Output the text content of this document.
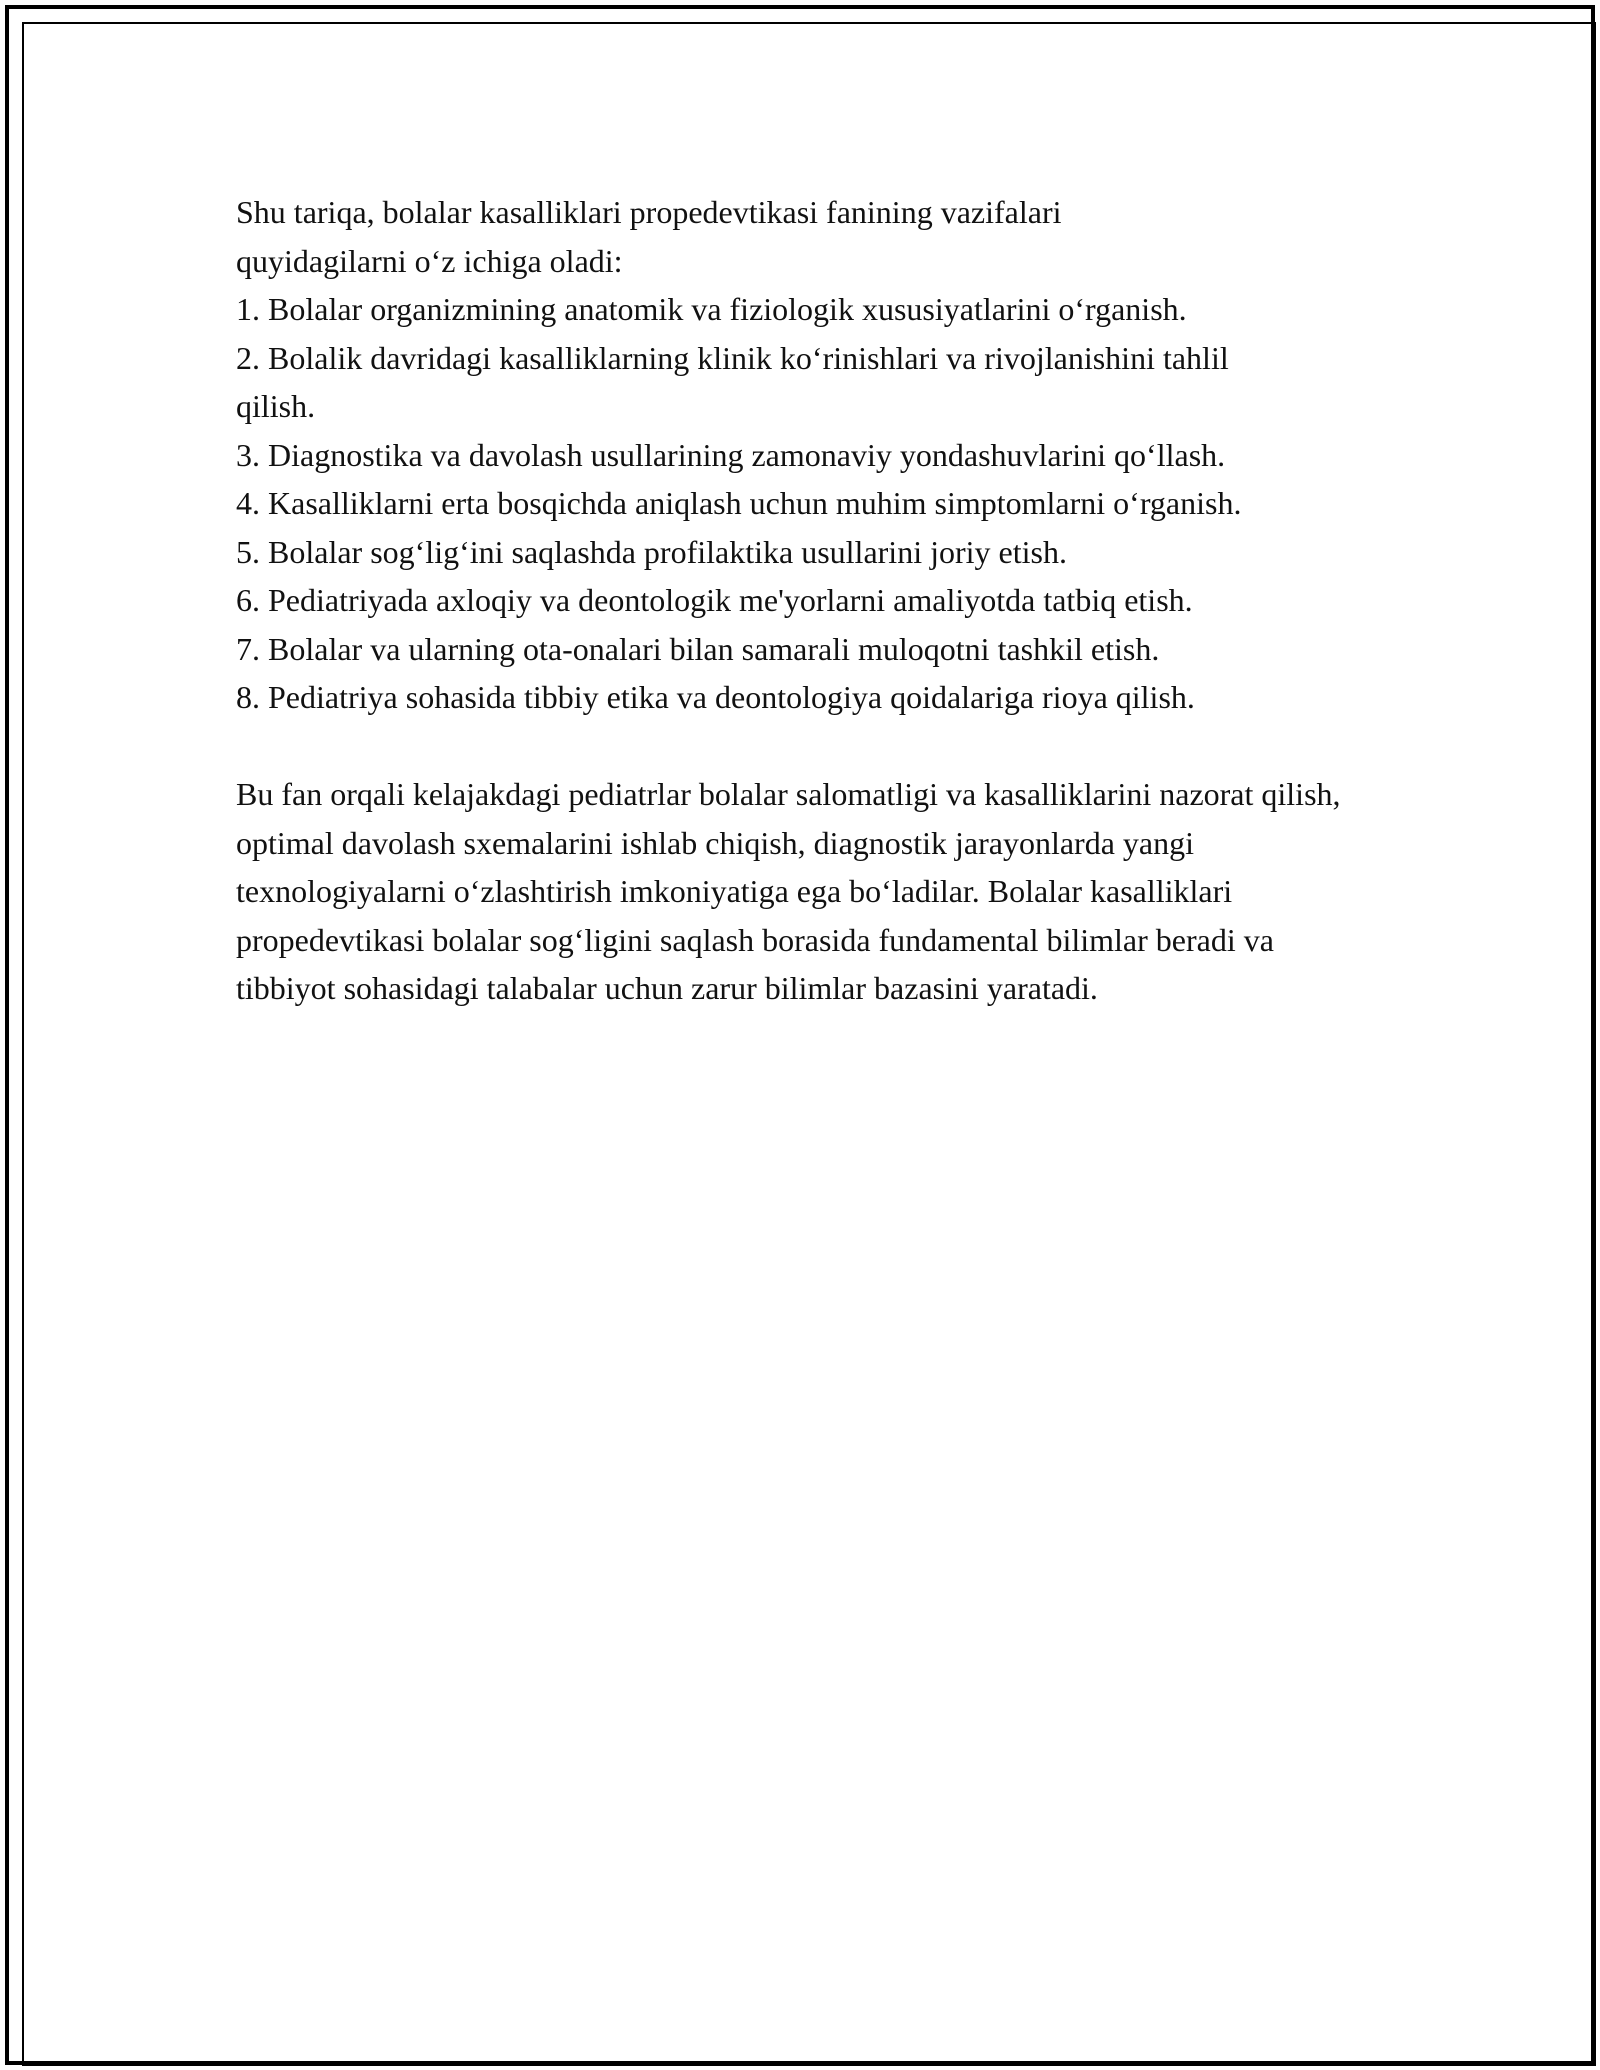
Shu tariqa, bolalar kasalliklari propedevtikasi fanining vazifalari quyidagilarni o‘z ichiga oladi:

1. Bolalar organizmining anatomik va fiziologik xususiyatlarini o‘rganish.
2. Bolalik davridagi kasalliklarning klinik ko‘rinishlari va rivojlanishini tahlil qilish.
3. Diagnostika va davolash usullarining zamonaviy yondashuvlarini qo‘llash.
4. Kasalliklarni erta bosqichda aniqlash uchun muhim simptomlarni o‘rganish.
5. Bolalar sog‘lig‘ini saqlashda profilaktika usullarini joriy etish.
6. Pediatriyada axloqiy va deontologik me'yorlarni amaliyotda tatbiq etish.
7. Bolalar va ularning ota-onalari bilan samarali muloqotni tashkil etish.
8. Pediatriya sohasida tibbiy etika va deontologiya qoidalariga rioya qilish.

Bu fan orqali kelajakdagi pediatrlar bolalar salomatligi va kasalliklarini nazorat qilish, optimal davolash sxemalarini ishlab chiqish, diagnostik jarayonlarda yangi texnologiyalarni o‘zlashtirish imkoniyatiga ega bo‘ladilar. Bolalar kasalliklari propedevtikasi bolalar sog‘ligini saqlash borasida fundamental bilimlar beradi va tibbiyot sohasidagi talabalar uchun zarur bilimlar bazasini yaratadi.
